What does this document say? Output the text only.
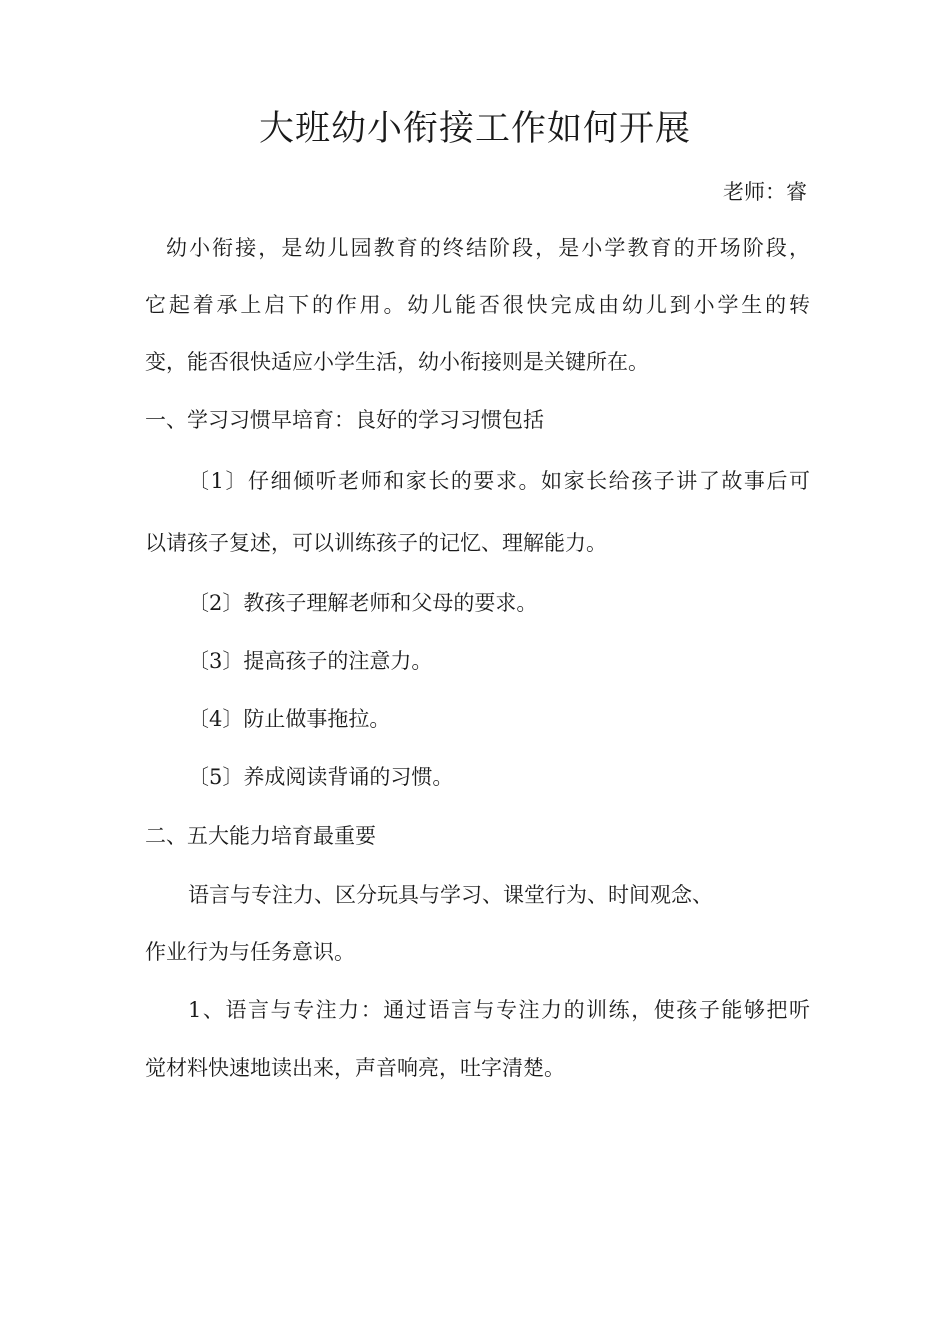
大班幼小衔接工作如何开展

老师：睿

幼小衔接，是幼儿园教育的终结阶段，是小学教育的开场阶段，

它起着承上启下的作用。幼儿能否很快完成由幼儿到小学生的转

变，能否很快适应小学生活，幼小衔接则是关键所在。

一、学习习惯早培育：良好的学习习惯包括

〔1〕仔细倾听老师和家长的要求。如家长给孩子讲了故事后可

以请孩子复述，可以训练孩子的记忆、理解能力。

〔2〕教孩子理解老师和父母的要求。

〔3〕提高孩子的注意力。

〔4〕防止做事拖拉。

〔5〕养成阅读背诵的习惯。

二、五大能力培育最重要

语言与专注力、区分玩具与学习、课堂行为、时间观念、

作业行为与任务意识。

1、语言与专注力：通过语言与专注力的训练，使孩子能够把听

觉材料快速地读出来，声音响亮，吐字清楚。
